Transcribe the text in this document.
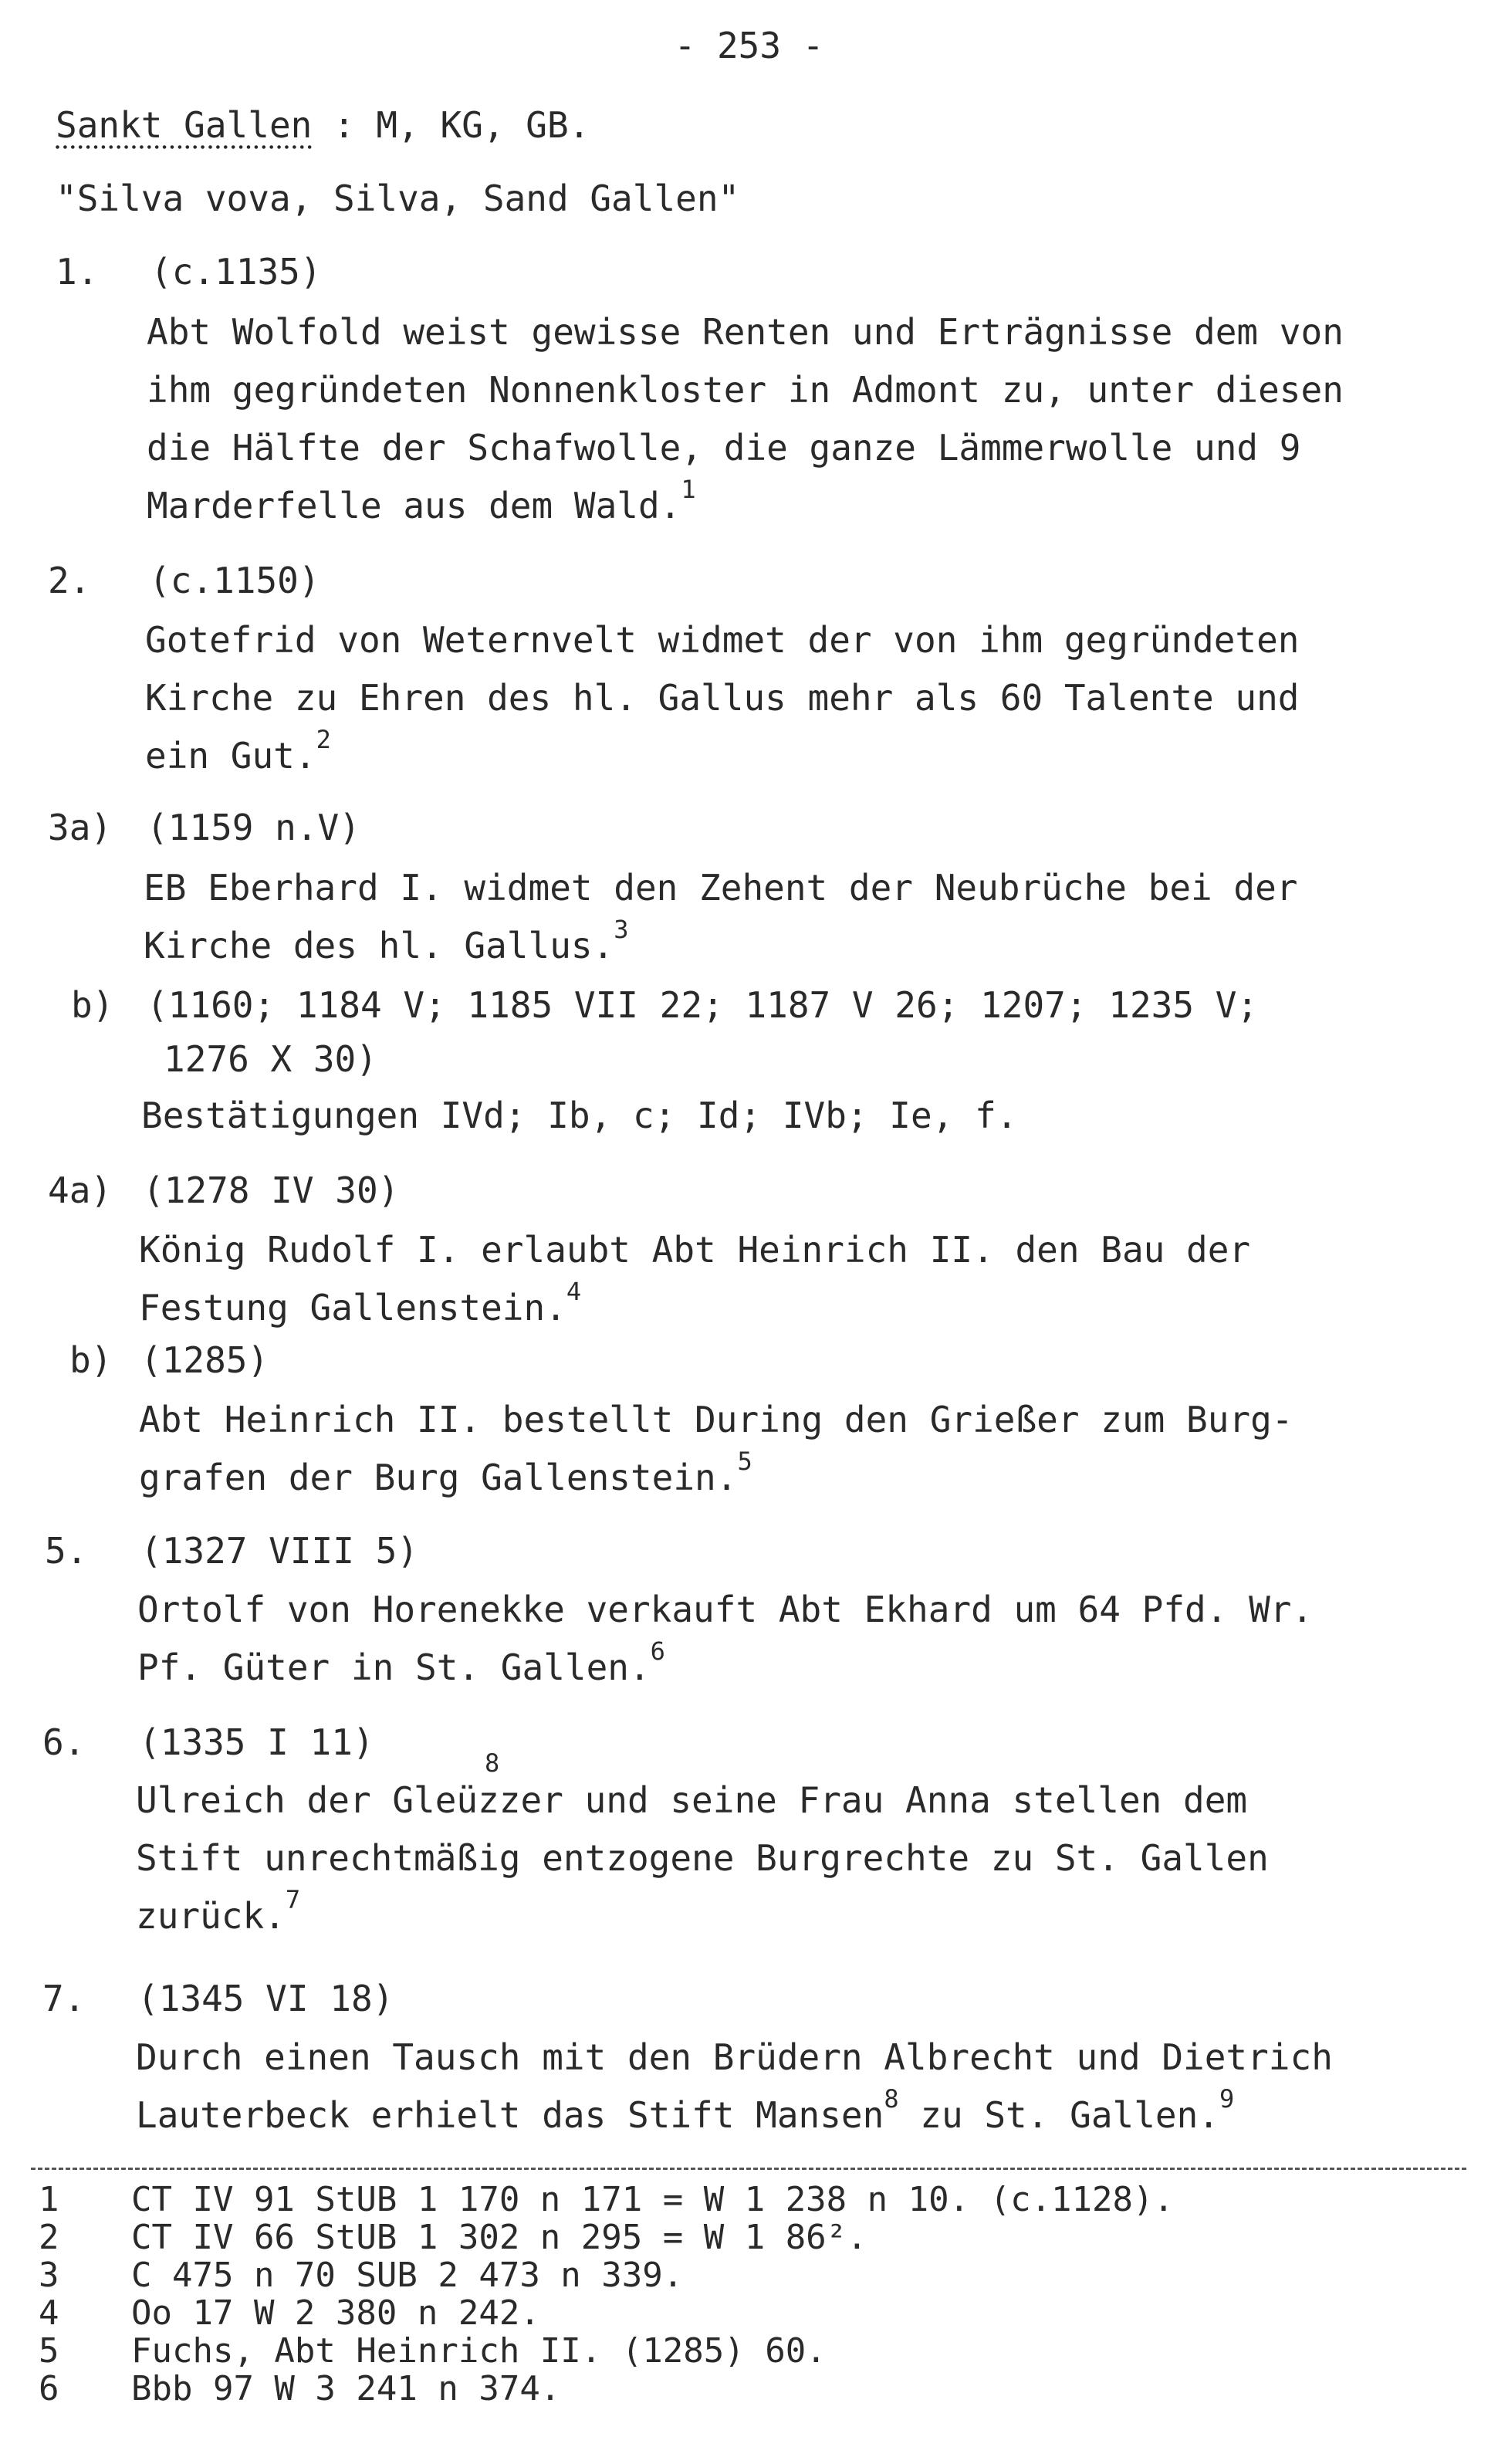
- 253 -
Sankt Gallen : M, KG, GB.
"Silva vova, Silva, Sand Gallen"
1. (c.1135)
Abt Wolfold weist gewisse Renten und Erträgnisse dem von
ihm gegründeten Nonnenkloster in Admont zu, unter diesen
die Hälfte der Schafwolle, die ganze Lämmerwolle und 9
Marderfelle aus dem Wald.$^1$
2. (c.1150)
Gotefrid von Weternvelt widmet der von ihm gegründeten
Kirche zu Ehren des hl. Gallus mehr als 60 Talente und
ein Gut.$^2$
3a) (1159 n.V)
EB Eberhard I. widmet den Zehent der Neubrüche bei der
Kirche des hl. Gallus.$^3$
b) (1160; 1184 V; 1185 VII 22; 1187 V 26; 1207; 1235 V;
1276 X 30)
Bestätigungen IVd; Ib, c; Id; IVb; Ie, f.
4a) (1278 IV 30)
König Rudolf I. erlaubt Abt Heinrich II. den Bau der
Festung Gallenstein.$^4$
b) (1285)
Abt Heinrich II. bestellt During den Grießer zum Burg-
grafen der Burg Gallenstein.$^5$
5. (1327 VIII 5)
Ortolf von Horenekke verkauft Abt Ekhard um 64 Pfd. Wr.
Pf. Güter in St. Gallen.$^6$
6. (1335 I 11)
Ulreich der Gleüzzer und seine Frau Anna stellen dem
Stift unrechtmäßig entzogene Burgrechte zu St. Gallen
zurück.$^7$
8
7. (1345 VI 18)
Durch einen Tausch mit den Brüdern Albrecht und Dietrich
Lauterbeck erhielt das Stift Mansen$^8$ zu St. Gallen.$^9$
1 CT IV 91 StUB 1 170 n 171 = W 1 238 n 10. (c.1128).
2 CT IV 66 StUB 1 302 n 295 = W 1 86².
3 C 475 n 70 SUB 2 473 n 339.
4 Oo 17 W 2 380 n 242.
5 Fuchs, Abt Heinrich II. (1285) 60.
6 Bbb 97 W 3 241 n 374.
